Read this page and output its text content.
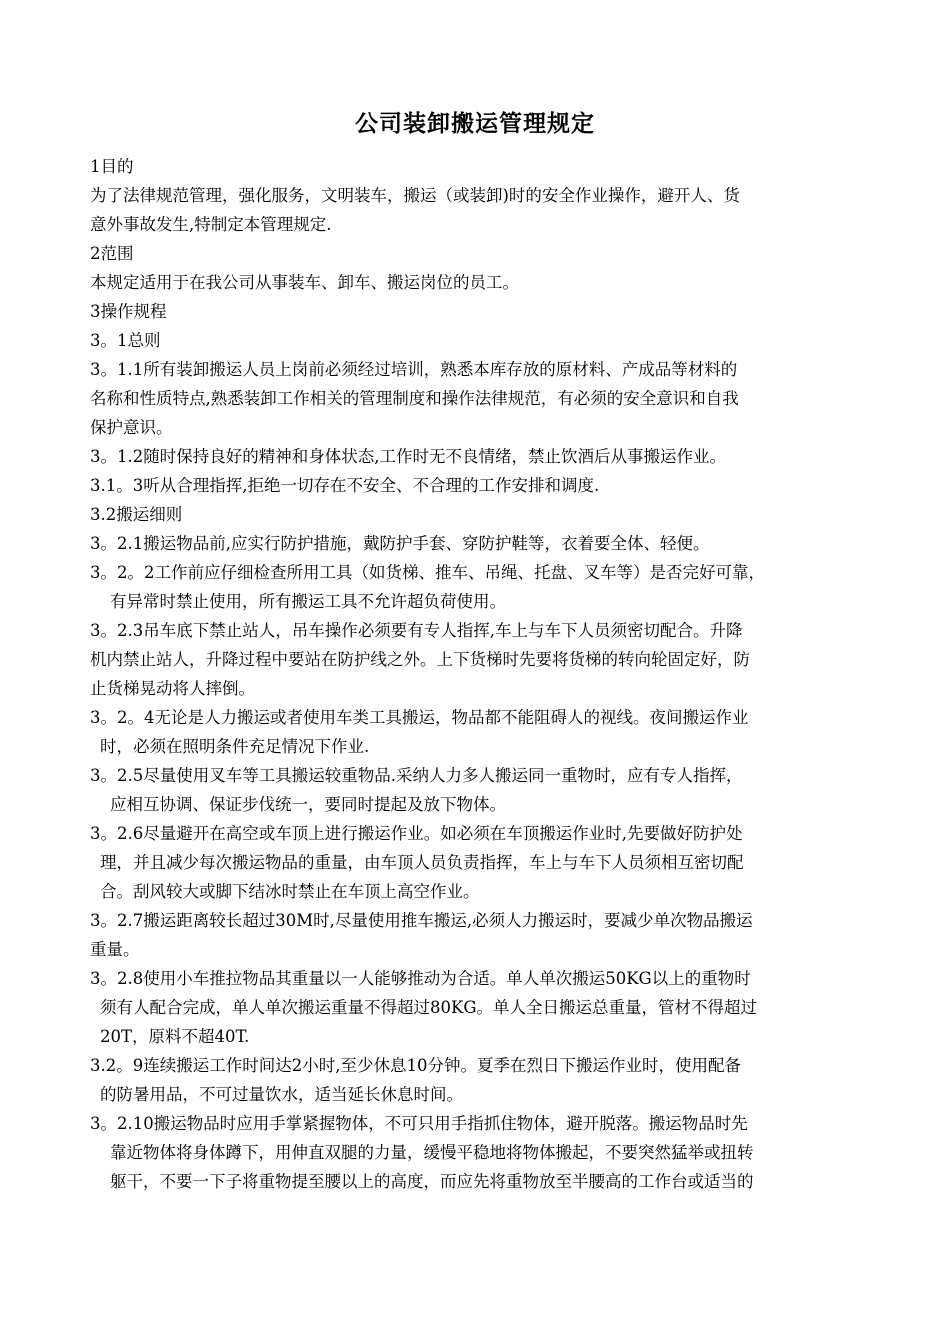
公司装卸搬运管理规定
1目的
为了法律规范管理，强化服务，文明装车，搬运（或装卸)时的安全作业操作，避开人、货
意外事故发生,特制定本管理规定.
2范围
本规定适用于在我公司从事装车、卸车、搬运岗位的员工。
3操作规程
3。1总则
3。1.1所有装卸搬运人员上岗前必须经过培训，熟悉本库存放的原材料、产成品等材料的
名称和性质特点,熟悉装卸工作相关的管理制度和操作法律规范，有必须的安全意识和自我
保护意识。
3。1.2随时保持良好的精神和身体状态,工作时无不良情绪，禁止饮酒后从事搬运作业。
3.1。3听从合理指挥,拒绝一切存在不安全、不合理的工作安排和调度.
3.2搬运细则
3。2.1搬运物品前,应实行防护措施，戴防护手套、穿防护鞋等，衣着要全体、轻便。
3。2。2工作前应仔细检查所用工具（如货梯、推车、吊绳、托盘、叉车等）是否完好可靠，
有异常时禁止使用，所有搬运工具不允许超负荷使用。
3。2.3吊车底下禁止站人，吊车操作必须要有专人指挥,车上与车下人员须密切配合。升降
机内禁止站人，升降过程中要站在防护线之外。上下货梯时先要将货梯的转向轮固定好，防
止货梯晃动将人摔倒。
3。2。4无论是人力搬运或者使用车类工具搬运，物品都不能阻碍人的视线。夜间搬运作业
时，必须在照明条件充足情况下作业.
3。2.5尽量使用叉车等工具搬运较重物品.采纳人力多人搬运同一重物时，应有专人指挥，
应相互协调、保证步伐统一，要同时提起及放下物体。
3。2.6尽量避开在高空或车顶上进行搬运作业。如必须在车顶搬运作业时,先要做好防护处
理，并且减少每次搬运物品的重量，由车顶人员负责指挥，车上与车下人员须相互密切配
合。刮风较大或脚下结冰时禁止在车顶上高空作业。
3。2.7搬运距离较长超过30M时,尽量使用推车搬运,必须人力搬运时，要减少单次物品搬运
重量。
3。2.8使用小车推拉物品其重量以一人能够推动为合适。单人单次搬运50KG以上的重物时
须有人配合完成，单人单次搬运重量不得超过80KG。单人全日搬运总重量，管材不得超过
20T，原料不超40T.
3.2。9连续搬运工作时间达2小时,至少休息10分钟。夏季在烈日下搬运作业时，使用配备
的防暑用品，不可过量饮水，适当延长休息时间。
3。2.10搬运物品时应用手掌紧握物体，不可只用手指抓住物体，避开脱落。搬运物品时先
靠近物体将身体蹲下，用伸直双腿的力量，缓慢平稳地将物体搬起，不要突然猛举或扭转
躯干，不要一下子将重物提至腰以上的高度，而应先将重物放至半腰高的工作台或适当的
